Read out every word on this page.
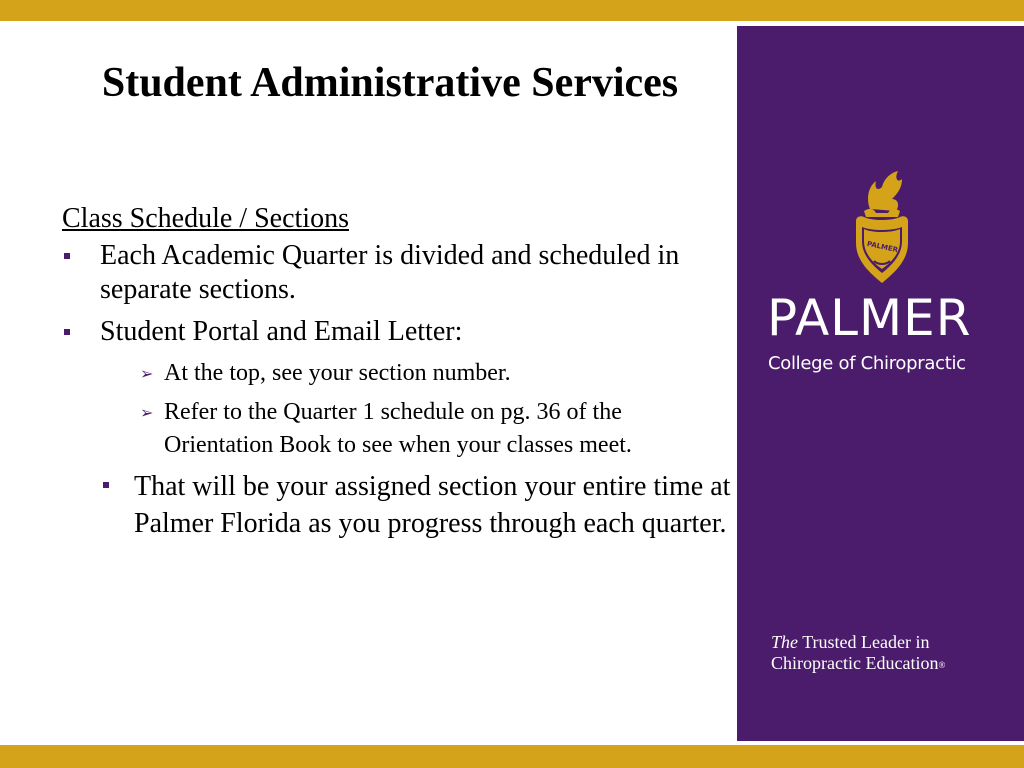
Student Administrative Services
Class Schedule / Sections
Each Academic Quarter is divided and scheduled in separate sections.
Student Portal and Email Letter:
➢ At the top, see your section number.
➢ Refer to the Quarter 1 schedule on pg. 36 of the Orientation Book to see when your classes meet.
That will be your assigned section your entire time at Palmer Florida as you progress through each quarter.
PALMER
PALMER
College of Chiropractic
The Trusted Leader in
Chiropractic Education®
